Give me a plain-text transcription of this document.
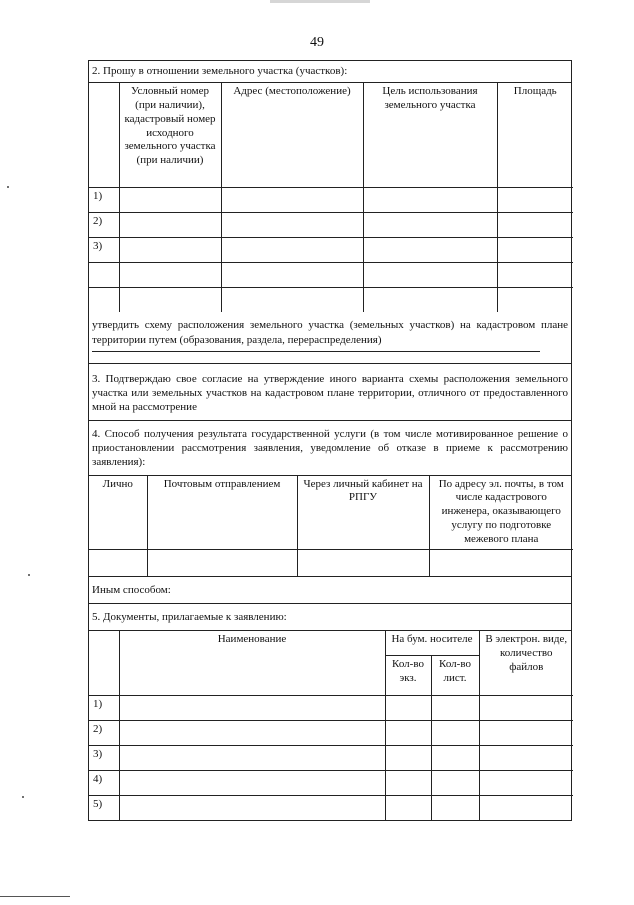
49
2. Прошу в отношении земельного участка (участков):
	Условный номер (при наличии), кадастровый номер исходного земельного участка (при наличии)	Адрес (местоположение)	Цель использования земельного участка	Площадь
1)				
2)				
3)				

утвердить схему расположения земельного участка (земельных участков) на кадастровом плане территории путем (образования, раздела, перераспределения)
3. Подтверждаю свое согласие на утверждение иного варианта схемы расположения земельного участка или земельных участков на кадастровом плане территории, отличного от предоставленного мной на рассмотрение
4. Способ получения результата государственной услуги (в том числе мотивированное решение о приостановлении рассмотрения заявления, уведомление об отказе в приеме к рассмотрению заявления):
Лично	Почтовым отправлением	Через личный кабинет на РПГУ	По адресу эл. почты, в том числе кадастрового инженера, оказывающего услугу по подготовке межевого плана

Иным способом:
5. Документы, прилагаемые к заявлению:
	Наименование	На бум. носителе		В электрон. виде, количество файлов
		Кол-во экз.	Кол-во лист.	
1)				
2)				
3)				
4)				
5)				
